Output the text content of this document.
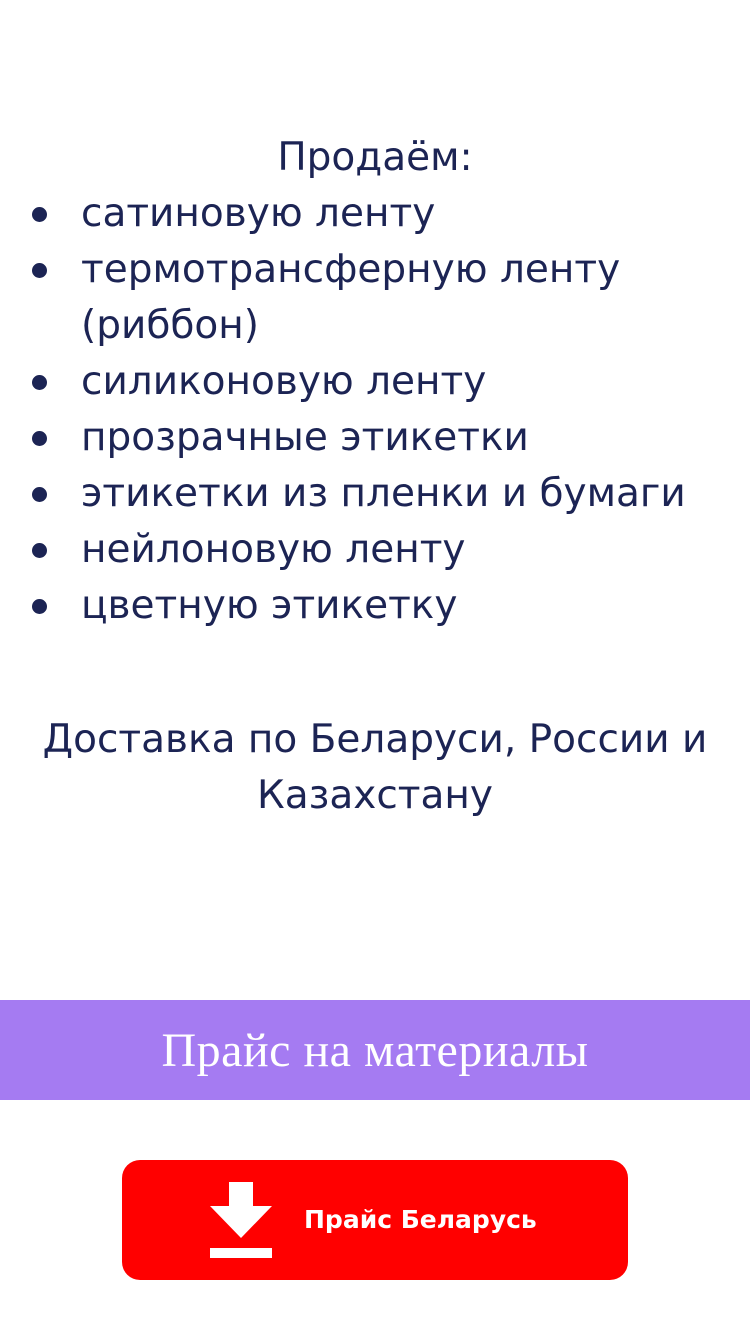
Продаём:
сатиновую ленту
термотрансферную ленту (риббон)
силиконовую ленту
прозрачные этикетки
этикетки из пленки и бумаги
нейлоновую ленту
цветную этикетку
Доставка по Беларуси, России и Казахстану
Прайс на материалы
Прайс Беларусь
